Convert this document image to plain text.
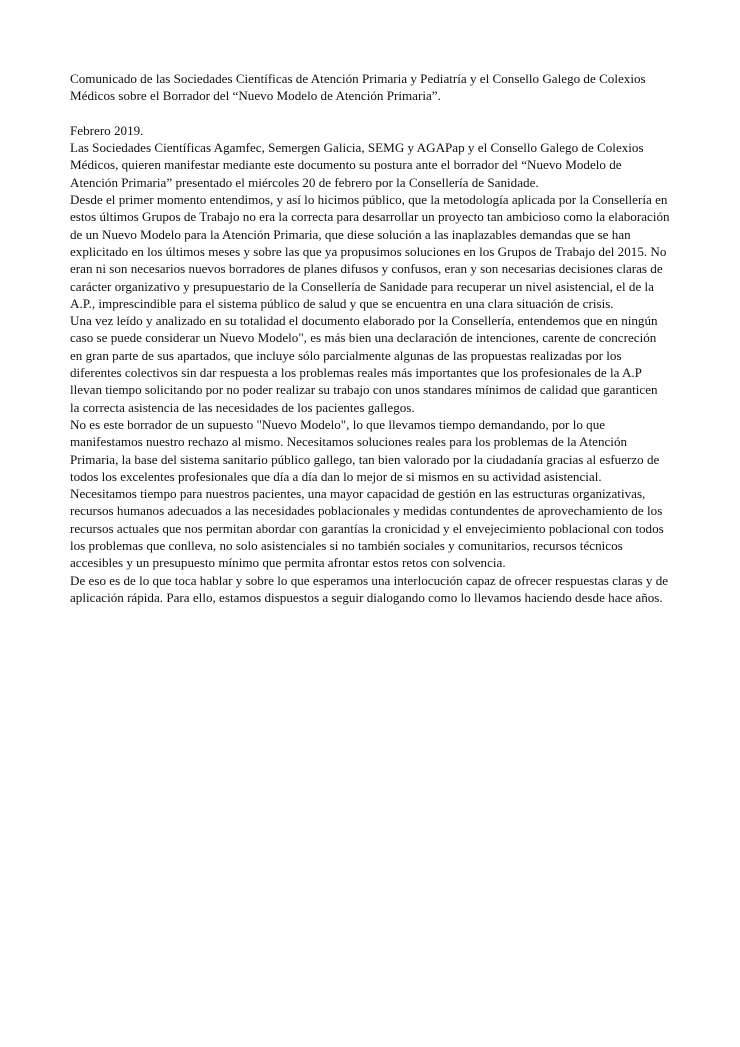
Comunicado de las Sociedades Científicas de Atención Primaria y Pediatría y el Consello Galego de Colexios Médicos sobre el Borrador del “Nuevo Modelo de Atención Primaria”.

Febrero 2019.

Las Sociedades Científicas Agamfec, Semergen Galicia, SEMG y AGAPap y el Consello Galego de Colexios Médicos, quieren manifestar mediante este documento su postura ante el borrador del “Nuevo Modelo de Atención Primaria” presentado el miércoles 20 de febrero por la Consellería de Sanidade.

Desde el primer momento entendimos, y así lo hicimos público, que la metodología aplicada por la Consellería en estos últimos Grupos de Trabajo no era la correcta para desarrollar un proyecto tan ambicioso como la elaboración de un Nuevo Modelo para la Atención Primaria, que diese solución a las inaplazables demandas que se han explicitado en los últimos meses y sobre las que ya propusimos soluciones en los Grupos de Trabajo del 2015. No eran ni son necesarios nuevos borradores de planes difusos y confusos, eran y son necesarias decisiones claras de carácter organizativo y presupuestario de la Consellería de Sanidade para recuperar un nivel asistencial, el de la A.P., imprescindible para el sistema público de salud y que se encuentra en una clara situación de crisis.

Una vez leído y analizado en su totalidad el documento elaborado por la Consellería, entendemos que en ningún caso se puede considerar un Nuevo Modelo", es más bien una declaración de intenciones, carente de concreción en gran parte de sus apartados, que incluye sólo parcialmente algunas de las propuestas realizadas por los diferentes colectivos sin dar respuesta a los problemas reales más importantes que los profesionales de la A.P llevan tiempo solicitando por no poder realizar su trabajo con unos standares mínimos de calidad que garanticen la correcta asistencia de las necesidades de los pacientes gallegos.

No es este borrador de un supuesto "Nuevo Modelo", lo que llevamos tiempo demandando, por lo que manifestamos nuestro rechazo al mismo. Necesitamos soluciones reales para los problemas de la Atención Primaria, la base del sistema sanitario público gallego, tan bien valorado por la ciudadanía gracias al esfuerzo de todos los excelentes profesionales que día a día dan lo mejor de si mismos en su actividad asistencial.

Necesitamos tiempo para nuestros pacientes, una mayor capacidad de gestión en las estructuras organizativas, recursos humanos adecuados a las necesidades poblacionales y medidas contundentes de aprovechamiento de los recursos actuales que nos permitan abordar con garantías la cronicidad y el envejecimiento poblacional con todos los problemas que conlleva, no solo asistenciales si no también sociales y comunitarios, recursos técnicos accesibles y un presupuesto mínimo que permita afrontar estos retos con solvencia.

De eso es de lo que toca hablar y sobre lo que esperamos una interlocución capaz de ofrecer respuestas claras y de aplicación rápida. Para ello, estamos dispuestos a seguir dialogando como lo llevamos haciendo desde hace años.
